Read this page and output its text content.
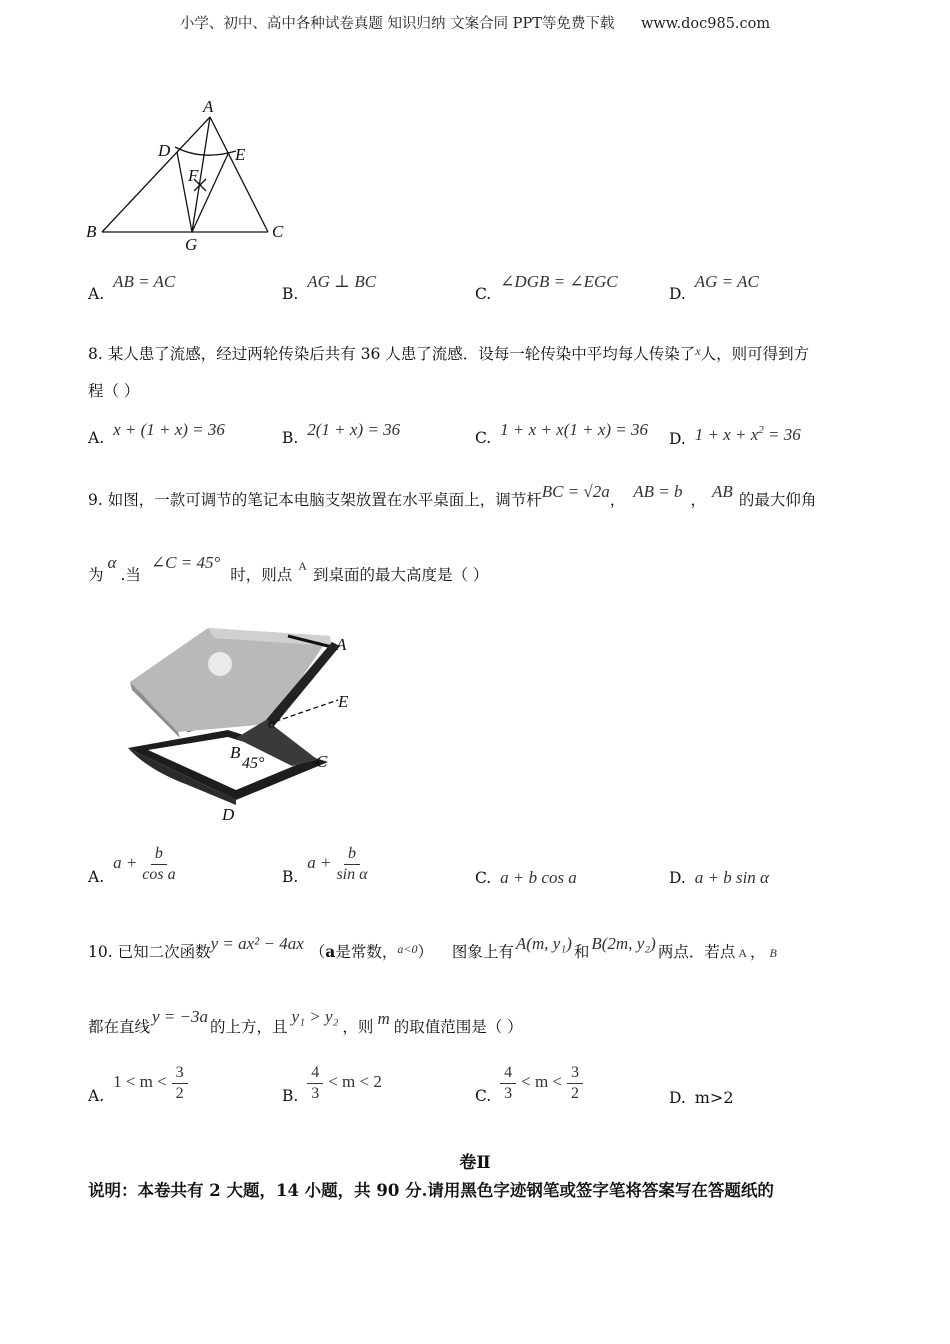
小学、初中、高中各种试卷真题 知识归纳 文案合同 PPT等免费下载 www.doc985.com
A
D	E
F
B
G
C
A. AB = AC
B. AG ⊥ BC
C. ∠DGB = ∠EGC
D. AG = AC
8. 某人患了流感，经过两轮传染后共有 36 人患了流感．设每一轮传染中平均每人传染了$^x$人，则可得到方
程（ ）
A. x + (1 + x) = 36	B. 2(1 + x) = 36	C. 1 + x + x(1 + x) = 36 D. $1 + x + x^2 = 36$
9. 如图，一款可调节的笔记本电脑支架放置在水平桌面上，调节杆BC = √2a， AB = b ， AB 的最大仰角
为α.当∠C = 45°时，则点 $^A$ 到桌面的最大高度是（ ）
A
E
α
B
45°	C
D
A. $a + \frac{b}{\text{cos a}}$	B. $a + \frac{b}{\text{sin α}}$	C. a + b cos a	D. a + b sin α
10. 已知二次函数y = ax² − 4ax （a是常数，$^{a<0}$） 图象上有 A(m, y₁) 和 B(2m, y₂) 两点．若点 A ， B
都在直线y = −3a的上方，且y₁ > y₂，则 m 的取值范围是（ ）
A. $1 < m < \frac{3}{2}$	B. $\frac{4}{3} < m < 2$
C. $\frac{4}{3} < m < \frac{3}{2}$	D. m>2
卷Ⅱ
说明：本卷共有 2 大题，14 小题，共 90 分.请用黑色字迹钢笔或签字笔将答案写在答题纸的
